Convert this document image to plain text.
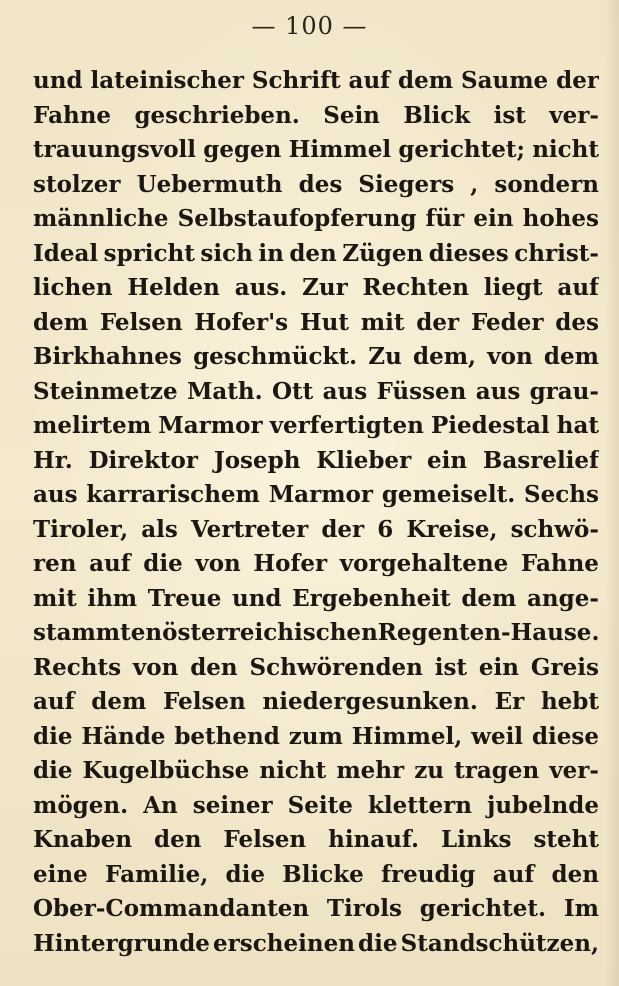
— 100 —
und lateinischer Schrift auf dem Saume der
Fahne geschrieben. Sein Blick ist ver-
trauungsvoll gegen Himmel gerichtet; nicht
stolzer Uebermuth des Siegers , sondern
männliche Selbstaufopferung für ein hohes
Ideal spricht sich in den Zügen dieses christ-
lichen Helden aus. Zur Rechten liegt auf
dem Felsen Hofer's Hut mit der Feder des
Birkhahnes geschmückt. Zu dem, von dem
Steinmetze Math. Ott aus Füssen aus grau-
melirtem Marmor verfertigten Piedestal hat
Hr. Direktor Joseph Klieber ein Basrelief
aus karrarischem Marmor gemeiselt. Sechs
Tiroler, als Vertreter der 6 Kreise, schwö-
ren auf die von Hofer vorgehaltene Fahne
mit ihm Treue und Ergebenheit dem ange-
stammten österreichischen Regenten-Hause.
Rechts von den Schwörenden ist ein Greis
auf dem Felsen niedergesunken. Er hebt
die Hände bethend zum Himmel, weil diese
die Kugelbüchse nicht mehr zu tragen ver-
mögen. An seiner Seite klettern jubelnde
Knaben den Felsen hinauf. Links steht
eine Familie, die Blicke freudig auf den
Ober-Commandanten Tirols gerichtet. Im
Hintergrunde erscheinen die Standschützen,
